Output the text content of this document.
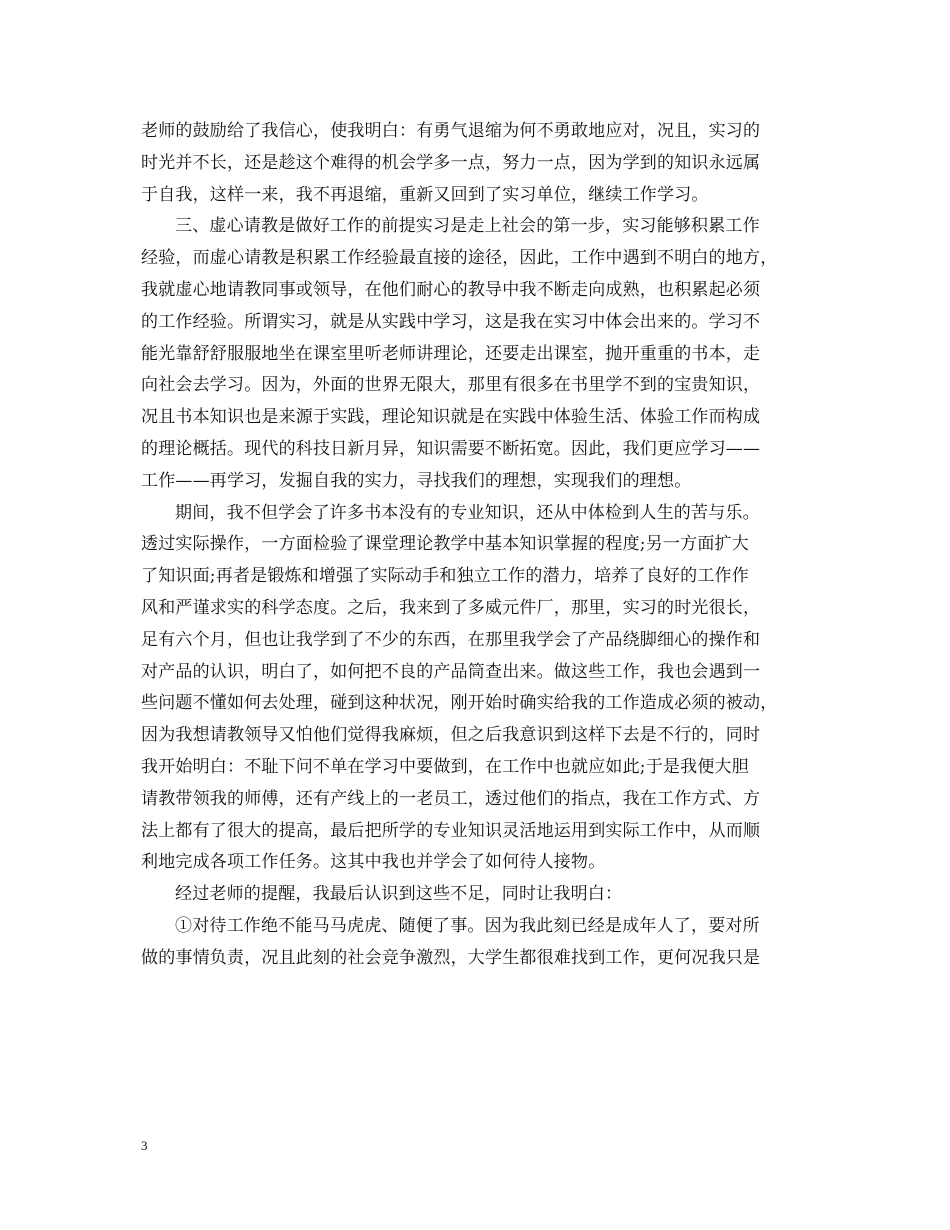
老师的鼓励给了我信心，使我明白：有勇气退缩为何不勇敢地应对，况且，实习的
时光并不长，还是趁这个难得的机会学多一点，努力一点，因为学到的知识永远属
于自我，这样一来，我不再退缩，重新又回到了实习单位，继续工作学习。
三、虚心请教是做好工作的前提实习是走上社会的第一步，实习能够积累工作
经验，而虚心请教是积累工作经验最直接的途径，因此，工作中遇到不明白的地方，
我就虚心地请教同事或领导，在他们耐心的教导中我不断走向成熟，也积累起必须
的工作经验。所谓实习，就是从实践中学习，这是我在实习中体会出来的。学习不
能光靠舒舒服服地坐在课室里听老师讲理论，还要走出课室，抛开重重的书本，走
向社会去学习。因为，外面的世界无限大，那里有很多在书里学不到的宝贵知识，
况且书本知识也是来源于实践，理论知识就是在实践中体验生活、体验工作而构成
的理论概括。现代的科技日新月异，知识需要不断拓宽。因此，我们更应学习——
工作——再学习，发掘自我的实力，寻找我们的理想，实现我们的理想。
期间，我不但学会了许多书本没有的专业知识，还从中体检到人生的苦与乐。
透过实际操作，一方面检验了课堂理论教学中基本知识掌握的程度;另一方面扩大
了知识面;再者是锻炼和增强了实际动手和独立工作的潜力，培养了良好的工作作
风和严谨求实的科学态度。之后，我来到了多威元件厂，那里，实习的时光很长，
足有六个月，但也让我学到了不少的东西，在那里我学会了产品绕脚细心的操作和
对产品的认识，明白了，如何把不良的产品筒查出来。做这些工作，我也会遇到一
些问题不懂如何去处理，碰到这种状况，刚开始时确实给我的工作造成必须的被动，
因为我想请教领导又怕他们觉得我麻烦，但之后我意识到这样下去是不行的，同时
我开始明白：不耻下问不单在学习中要做到，在工作中也就应如此;于是我便大胆
请教带领我的师傅，还有产线上的一老员工，透过他们的指点，我在工作方式、方
法上都有了很大的提高，最后把所学的专业知识灵活地运用到实际工作中，从而顺
利地完成各项工作任务。这其中我也并学会了如何待人接物。
经过老师的提醒，我最后认识到这些不足，同时让我明白：
①对待工作绝不能马马虎虎、随便了事。因为我此刻已经是成年人了，要对所
做的事情负责，况且此刻的社会竞争激烈，大学生都很难找到工作，更何况我只是
3
